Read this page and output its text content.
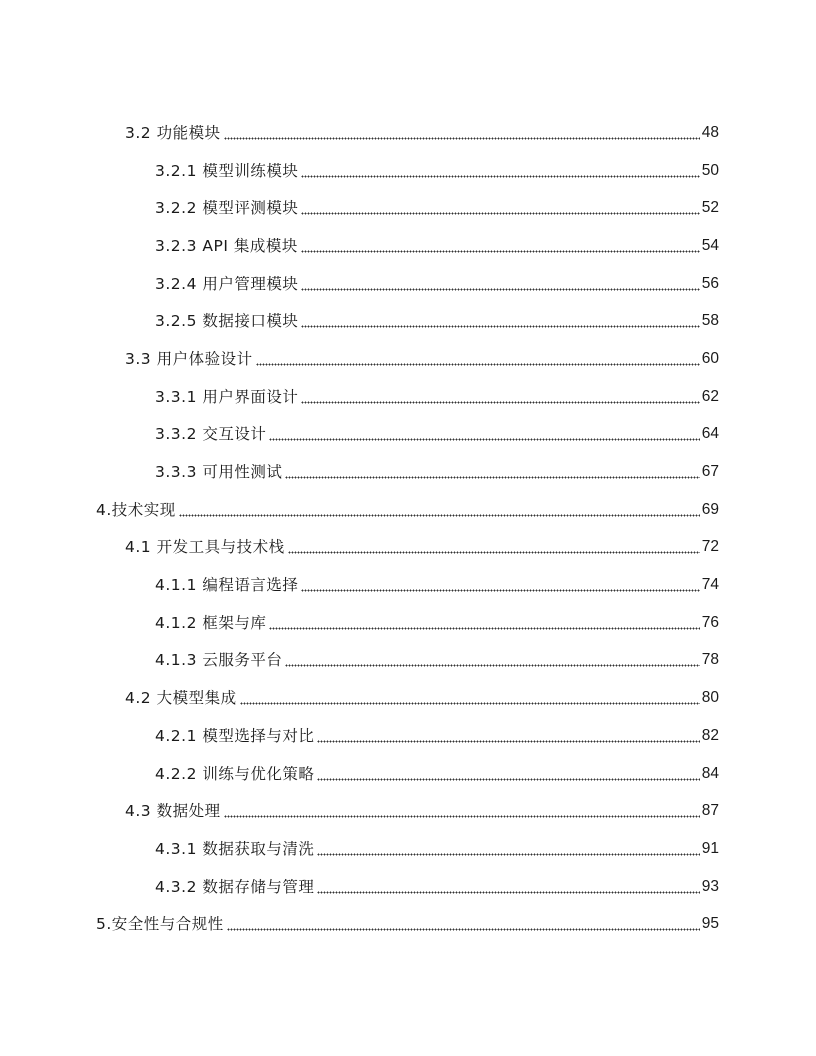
3.2 功能模块	48
3.2.1 模型训练模块	50
3.2.2 模型评测模块	52
3.2.3 API 集成模块	54
3.2.4 用户管理模块	56
3.2.5 数据接口模块	58
3.3 用户体验设计	60
3.3.1 用户界面设计	62
3.3.2 交互设计	64
3.3.3 可用性测试	67
4.技术实现	69
4.1 开发工具与技术栈	72
4.1.1 编程语言选择	74
4.1.2 框架与库	76
4.1.3 云服务平台	78
4.2 大模型集成	80
4.2.1 模型选择与对比	82
4.2.2 训练与优化策略	84
4.3 数据处理	87
4.3.1 数据获取与清洗	91
4.3.2 数据存储与管理	93
5.安全性与合规性	95
